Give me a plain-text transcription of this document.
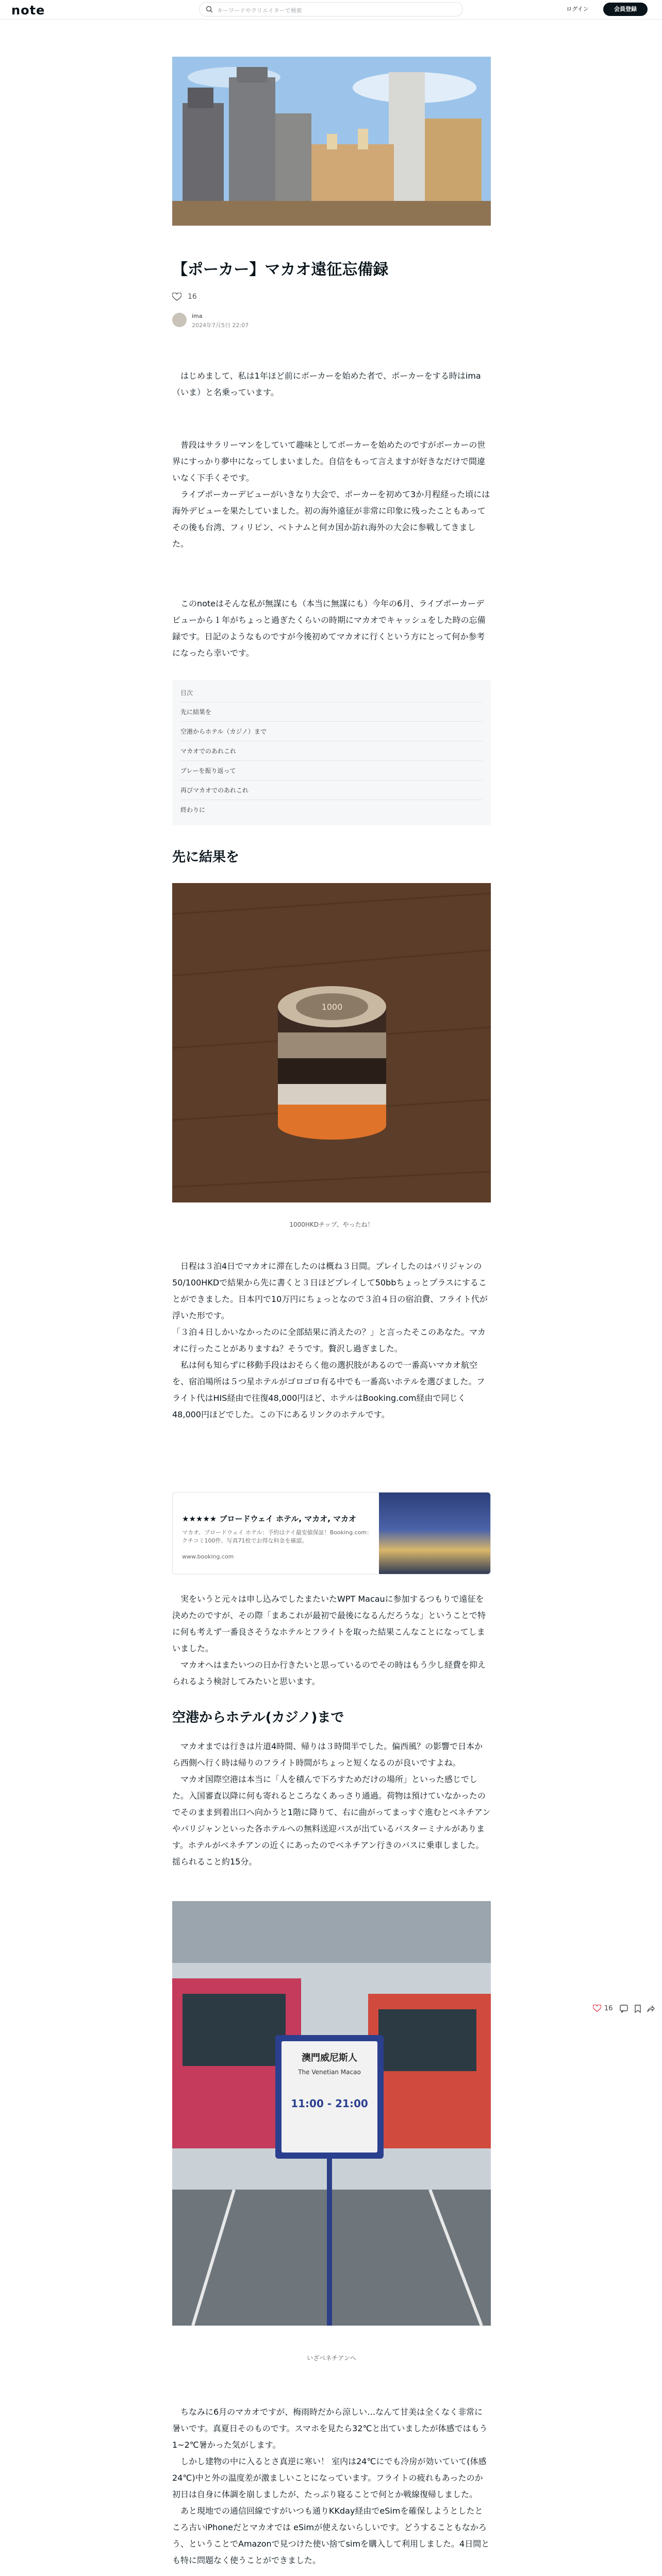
note	キーワードやクリエイターで検索	ログイン	会員登録
【ポーカー】マカオ遠征忘備録
16
ima
2024年7月5日 22:07

　はじめまして、私は1年ほど前にポーカーを始めた者で、ポーカーをする時はima（いま）と名乗っています。

　普段はサラリーマンをしていて趣味としてポーカーを始めたのですがポーカーの世界にすっかり夢中になってしまいました。自信をもって言えますが好きなだけで間違いなく下手くそです。
　ライブポーカーデビューがいきなり大会で、ポーカーを初めて3か月程経った頃には海外デビューを果たしていました。初の海外遠征が非常に印象に残ったこともあってその後も台湾、フィリピン、ベトナムと何カ国か訪れ海外の大会に参戦してきました。

　このnoteはそんな私が無謀にも（本当に無謀にも）今年の6月、ライブポーカーデビューから１年がちょっと過ぎたくらいの時期にマカオでキャッシュをした時の忘備録です。日記のようなものですが今後初めてマカオに行くという方にとって何か参考になったら幸いです。

目次
先に結果を
空港からホテル（カジノ）まで
マカオでのあれこれ
プレーを振り返って
再びマカオでのあれこれ
終わりに
先に結果を
1000

1000HKDチップ、やったね！

　日程は３泊4日でマカオに滞在したのは概ね３日間。プレイしたのはバリジャンの50/100HKDで結果から先に書くと３日ほどプレイして50bbちょっとプラスにすることができました。日本円で10万円にちょっとなので３泊４日の宿泊費、フライト代が浮いた形です。
「３泊４日しかいなかったのに全部結果に消えたの？」と言ったそこのあなた。マカオに行ったことがありますね？そうです。贅沢し過ぎました。
　私は何も知らずに移動手段はおそらく他の選択肢があるので一番高いマカオ航空を、宿泊場所は５つ星ホテルがゴロゴロ有る中でも一番高いホテルを選びました。フライト代はHIS経由で往復48,000円ほど、ホテルはBooking.com経由で同じく48,000円ほどでした。この下にあるリンクのホテルです。

★★★★★ ブロードウェイ ホテル, マカオ, マカオ
マカオ、ブロードウェイ ホテル：予約はナイ最安値保証！Booking.com：クチコミ100件、写真71枚でお得な料金を確認。
www.booking.com

　実をいうと元々は申し込みでしたまたいたWPT Macauに参加するつもりで遠征を決めたのですが、その際「まあこれが最初で最後になるんだろうな」ということで特に何も考えず一番良さそうなホテルとフライトを取った結果こんなことになってしまいました。
　マカオへはまたいつの日か行きたいと思っているのでその時はもう少し経費を抑えられるよう検討してみたいと思います。

空港からホテル(カジノ)まで

　マカオまでは行きは片道4時間、帰りは３時間半でした。偏西風？の影響で日本から西側へ行く時は帰りのフライト時間がちょっと短くなるのが良いですよね。
　マカオ国際空港は本当に「人を積んで下ろすためだけの場所」といった感じでした。入国審査以降に何も寄れるところなくあっさり通過。荷物は預けていなかったのでそのまま到着出口へ向かうと1階に降りて、右に曲がってまっすぐ進むとベネチアンやパリジャンといった各ホテルへの無料送迎バスが出ているバスターミナルがあります。ホテルがベネチアンの近くにあったのでベネチアン行きのバスに乗車しました。揺られること約15分。

澳門威尼斯人
The Venetian Macao
11:00 - 21:00

いざベネチアンへ

　ちなみに6月のマカオですが、梅雨時だから涼しい…なんて甘美は全くなく非常に暑いです。真夏日そのものです。スマホを見たら32℃と出ていましたが体感ではもう1~2℃暑かった気がします。
　しかし建物の中に入るとさ真逆に寒い！ 室内は24℃にでも冷房が効いていて(体感24℃)中と外の温度差が激ましいことになっています。フライトの疲れもあったのか初日は自身に体調を崩しましたが、たっぷり寝ることで何とか戦線復帰しました。
　あと現地での通信回線ですがいつも通りKKday経由でeSimを確保しようとしたところ古いiPhoneだとマカオでは eSimが使えないらしいです。どうすることもなかろう、ということでAmazonで見つけた使い捨てsimを購入して利用しました。4日間とも特に問題なく使うことができました。

16
